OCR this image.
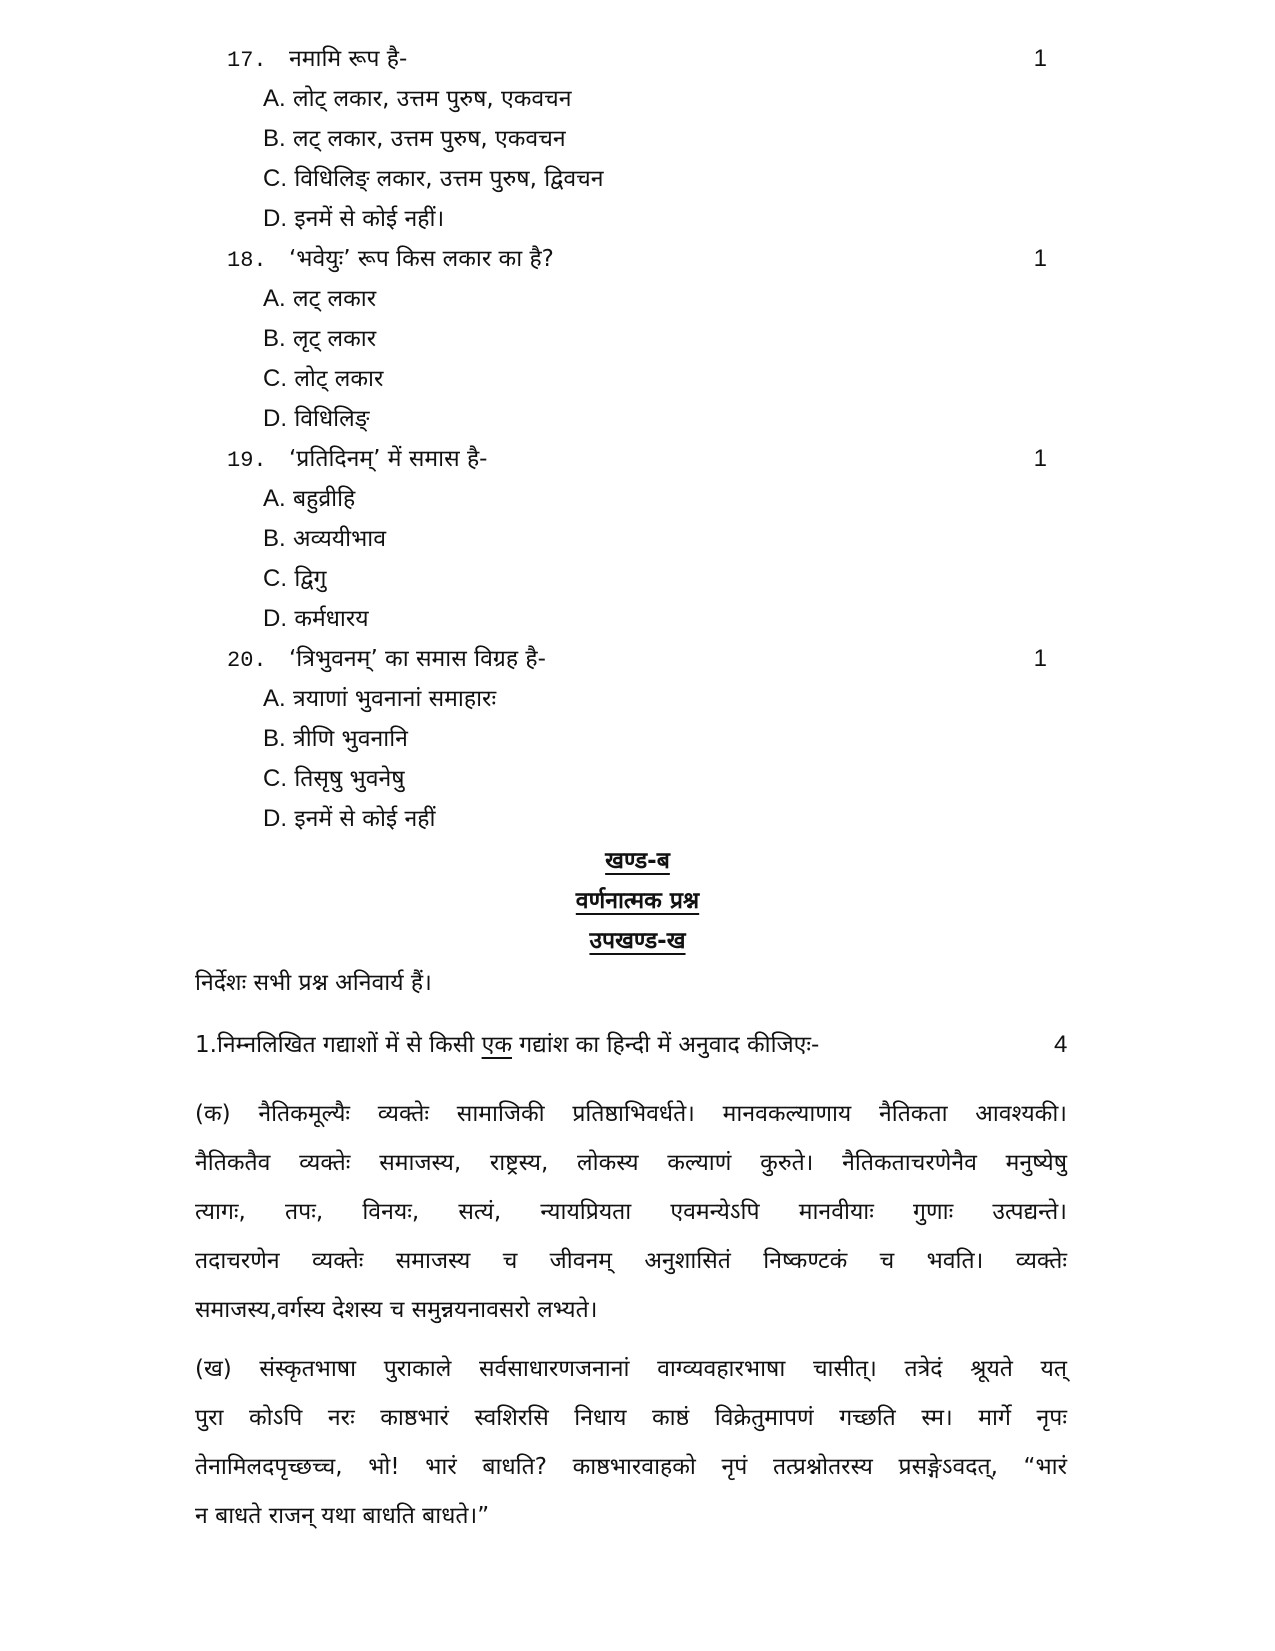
17. नमामि रूप है-	1
A. लोट् लकार, उत्तम पुरुष, एकवचन
B. लट् लकार, उत्तम पुरुष, एकवचन
C. विधिलिङ् लकार, उत्तम पुरुष, द्विवचन
D. इनमें से कोई नहीं।
18. ‘भवेयुः’ रूप किस लकार का है?	1
A. लट् लकार
B. लृट् लकार
C. लोट् लकार
D. विधिलिङ्
19. ‘प्रतिदिनम्’ में समास है-	1
A. बहुव्रीहि
B. अव्ययीभाव
C. द्विगु
D. कर्मधारय
20. ‘त्रिभुवनम्’ का समास विग्रह है-	1
A. त्रयाणां भुवनानां समाहारः
B. त्रीणि भुवनानि
C. तिसृषु भुवनेषु
D. इनमें से कोई नहीं
खण्ड-ब
वर्णनात्मक प्रश्न
उपखण्ड-ख
निर्देशः सभी प्रश्न अनिवार्य हैं।
1.निम्नलिखित गद्याशों में से किसी एक गद्यांश का हिन्दी में अनुवाद कीजिएः-	4
(क) नैतिकमूल्यैः व्यक्तेः सामाजिकी प्रतिष्ठाभिवर्धते। मानवकल्याणाय नैतिकता आवश्यकी।
नैतिकतैव व्यक्तेः समाजस्य, राष्ट्रस्य, लोकस्य कल्याणं कुरुते। नैतिकताचरणेनैव मनुष्येषु
त्यागः, तपः, विनयः, सत्यं, न्यायप्रियता एवमन्येऽपि मानवीयाः गुणाः उत्पद्यन्ते।
तदाचरणेन व्यक्तेः समाजस्य च जीवनम् अनुशासितं निष्कण्टकं च भवति। व्यक्तेः
समाजस्य,वर्गस्य देशस्य च समुन्नयनावसरो लभ्यते।
(ख) संस्कृतभाषा पुराकाले सर्वसाधारणजनानां वाग्व्यवहारभाषा चासीत्। तत्रेदं श्रूयते यत्
पुरा कोऽपि नरः काष्ठभारं स्वशिरसि निधाय काष्ठं विक्रेतुमापणं गच्छति स्म। मार्गे नृपः
तेनामिलदपृच्छच्च, भो! भारं बाधति? काष्ठभारवाहको नृपं तत्प्रश्नोतरस्य प्रसङ्गेऽवदत्, “भारं
न बाधते राजन् यथा बाधति बाधते।”
